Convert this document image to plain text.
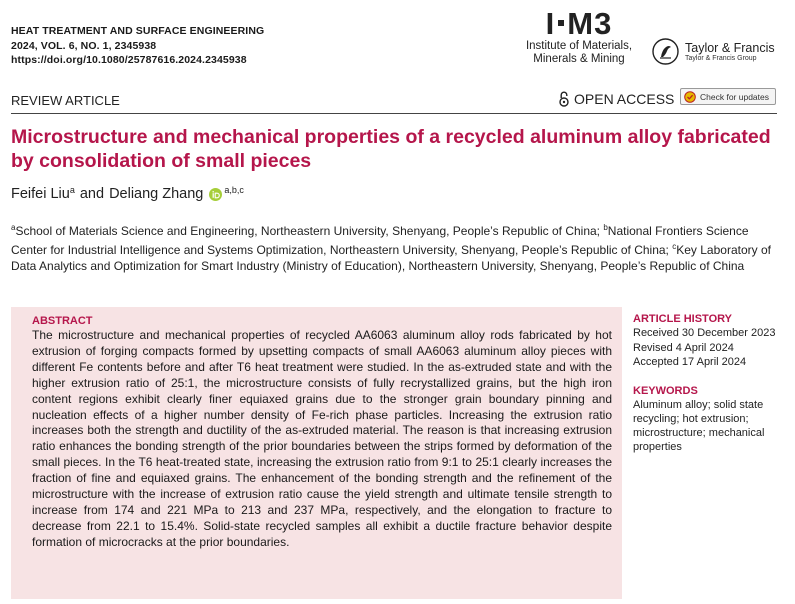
HEAT TREATMENT AND SURFACE ENGINEERING
2024, VOL. 6, NO. 1, 2345938
https://doi.org/10.1080/25787616.2024.2345938
I M3
Institute of Materials,
Minerals & Mining
Taylor & Francis
Taylor & Francis Group
REVIEW ARTICLE	OPEN ACCESS	Check for updates
Microstructure and mechanical properties of a recycled aluminum alloy fabricated by consolidation of small pieces
Feifei Liu$^a$ and Deliang Zhang $^{a,b,c}$
$^a$School of Materials Science and Engineering, Northeastern University, Shenyang, People’s Republic of China; $^b$National Frontiers Science Center for Industrial Intelligence and Systems Optimization, Northeastern University, Shenyang, People’s Republic of China; $^c$Key Laboratory of Data Analytics and Optimization for Smart Industry (Ministry of Education), Northeastern University, Shenyang, People’s Republic of China
ABSTRACT
The microstructure and mechanical properties of recycled AA6063 aluminum alloy rods fabricated by hot extrusion of forging compacts formed by upsetting compacts of small AA6063 aluminum alloy pieces with different Fe contents before and after T6 heat treatment were studied. In the as-extruded state and with the higher extrusion ratio of 25:1, the microstructure consists of fully recrystallized grains, but the high iron content regions exhibit clearly finer equiaxed grains due to the stronger grain boundary pinning and nucleation effects of a higher number density of Fe-rich phase particles. Increasing the extrusion ratio increases both the strength and ductility of the as-extruded material. The reason is that increasing extrusion ratio enhances the bonding strength of the prior boundaries between the strips formed by deformation of the small pieces. In the T6 heat-treated state, increasing the extrusion ratio from 9:1 to 25:1 clearly increases the fraction of fine and equiaxed grains. The enhancement of the bonding strength and the refinement of the microstructure with the increase of extrusion ratio cause the yield strength and ultimate tensile strength to increase from 174 and 221 MPa to 213 and 237 MPa, respectively, and the elongation to fracture to decrease from 22.1 to 15.4%. Solid-state recycled samples all exhibit a ductile fracture behavior despite formation of microcracks at the prior boundaries.
ARTICLE HISTORY
Received 30 December 2023
Revised 4 April 2024
Accepted 17 April 2024
KEYWORDS
Aluminum alloy; solid state recycling; hot extrusion; microstructure; mechanical properties
